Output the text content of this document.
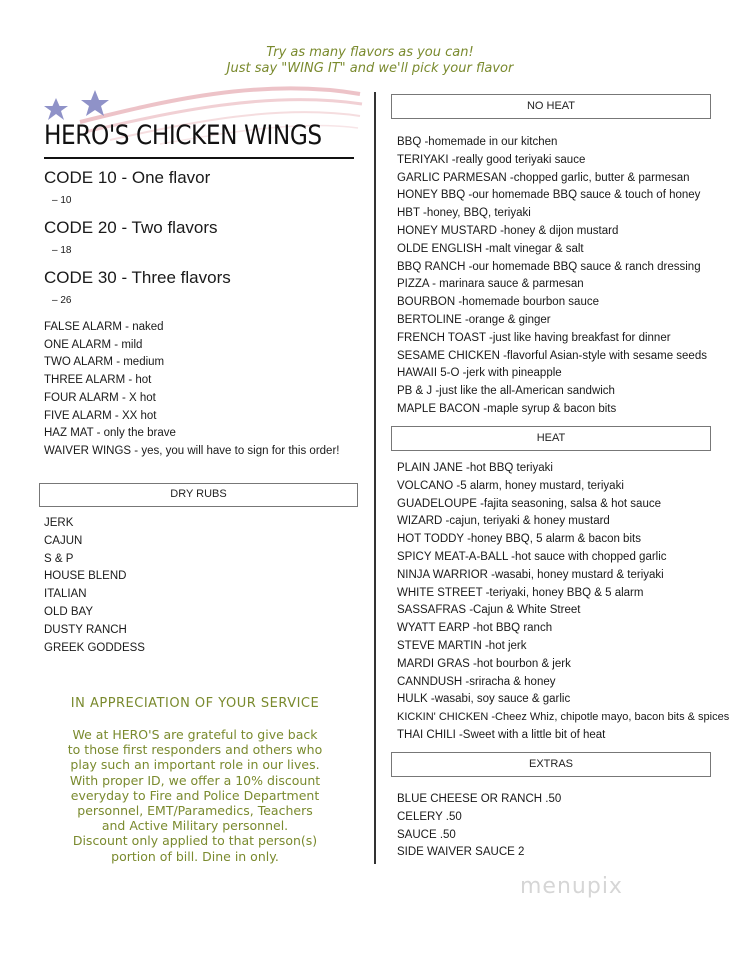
Try as many flavors as you can!
Just say "WING IT" and we'll pick your flavor
HERO'S CHICKEN WINGS
CODE 10 - One flavor
– 10
CODE 20 - Two flavors
– 18
CODE 30 - Three flavors
– 26
FALSE ALARM - naked
ONE ALARM - mild
TWO ALARM - medium
THREE ALARM - hot
FOUR ALARM - X hot
FIVE ALARM - XX hot
HAZ MAT - only the brave
WAIVER WINGS - yes, you will have to sign for this order!
DRY RUBS
JERK
CAJUN
S & P
HOUSE BLEND
ITALIAN
OLD BAY
DUSTY RANCH
GREEK GODDESS
IN APPRECIATION OF YOUR SERVICE
We at HERO'S are grateful to give back
to those first responders and others who
play such an important role in our lives.
With proper ID, we offer a 10% discount
everyday to Fire and Police Department
personnel, EMT/Paramedics, Teachers
and Active Military personnel.
Discount only applied to that person(s)
portion of bill. Dine in only.
NO HEAT
BBQ -homemade in our kitchen
TERIYAKI -really good teriyaki sauce
GARLIC PARMESAN -chopped garlic, butter & parmesan
HONEY BBQ -our homemade BBQ sauce & touch of honey
HBT -honey, BBQ, teriyaki
HONEY MUSTARD -honey & dijon mustard
OLDE ENGLISH -malt vinegar & salt
BBQ RANCH -our homemade BBQ sauce & ranch dressing
PIZZA - marinara sauce & parmesan
BOURBON -homemade bourbon sauce
BERTOLINE -orange & ginger
FRENCH TOAST -just like having breakfast for dinner
SESAME CHICKEN -flavorful Asian-style with sesame seeds
HAWAII 5-O -jerk with pineapple
PB & J -just like the all-American sandwich
MAPLE BACON -maple syrup & bacon bits
HEAT
PLAIN JANE -hot BBQ teriyaki
VOLCANO -5 alarm, honey mustard, teriyaki
GUADELOUPE -fajita seasoning, salsa & hot sauce
WIZARD -cajun, teriyaki & honey mustard
HOT TODDY -honey BBQ, 5 alarm & bacon bits
SPICY MEAT-A-BALL -hot sauce with chopped garlic
NINJA WARRIOR -wasabi, honey mustard & teriyaki
WHITE STREET -teriyaki, honey BBQ & 5 alarm
SASSAFRAS -Cajun & White Street
WYATT EARP -hot BBQ ranch
STEVE MARTIN -hot jerk
MARDI GRAS -hot bourbon & jerk
CANNDUSH -sriracha & honey
HULK -wasabi, soy sauce & garlic
KICKIN' CHICKEN -Cheez Whiz, chipotle mayo, bacon bits & spices
THAI CHILI -Sweet with a little bit of heat
EXTRAS
BLUE CHEESE OR RANCH .50
CELERY .50
SAUCE .50
SIDE WAIVER SAUCE 2
menupix
